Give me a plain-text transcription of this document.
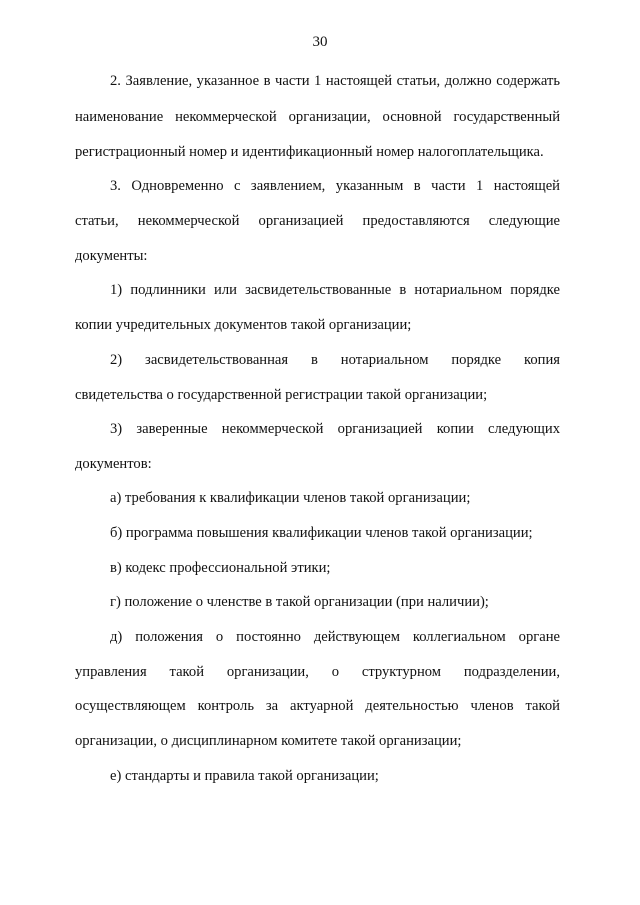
30
2. Заявление, указанное в части 1 настоящей статьи, должно содержать
наименование некоммерческой организации, основной государственный
регистрационный номер и идентификационный номер налогоплательщика.
3. Одновременно с заявлением, указанным в части 1 настоящей
статьи, некоммерческой организацией предоставляются следующие
документы:
1) подлинники или засвидетельствованные в нотариальном порядке
копии учредительных документов такой организации;
2) засвидетельствованная в нотариальном порядке копия
свидетельства о государственной регистрации такой организации;
3) заверенные некоммерческой организацией копии следующих
документов:
а) требования к квалификации членов такой организации;
б) программа повышения квалификации членов такой организации;
в) кодекс профессиональной этики;
г) положение о членстве в такой организации (при наличии);
д) положения о постоянно действующем коллегиальном органе
управления такой организации, о структурном подразделении,
осуществляющем контроль за актуарной деятельностью членов такой
организации, о дисциплинарном комитете такой организации;
е) стандарты и правила такой организации;
